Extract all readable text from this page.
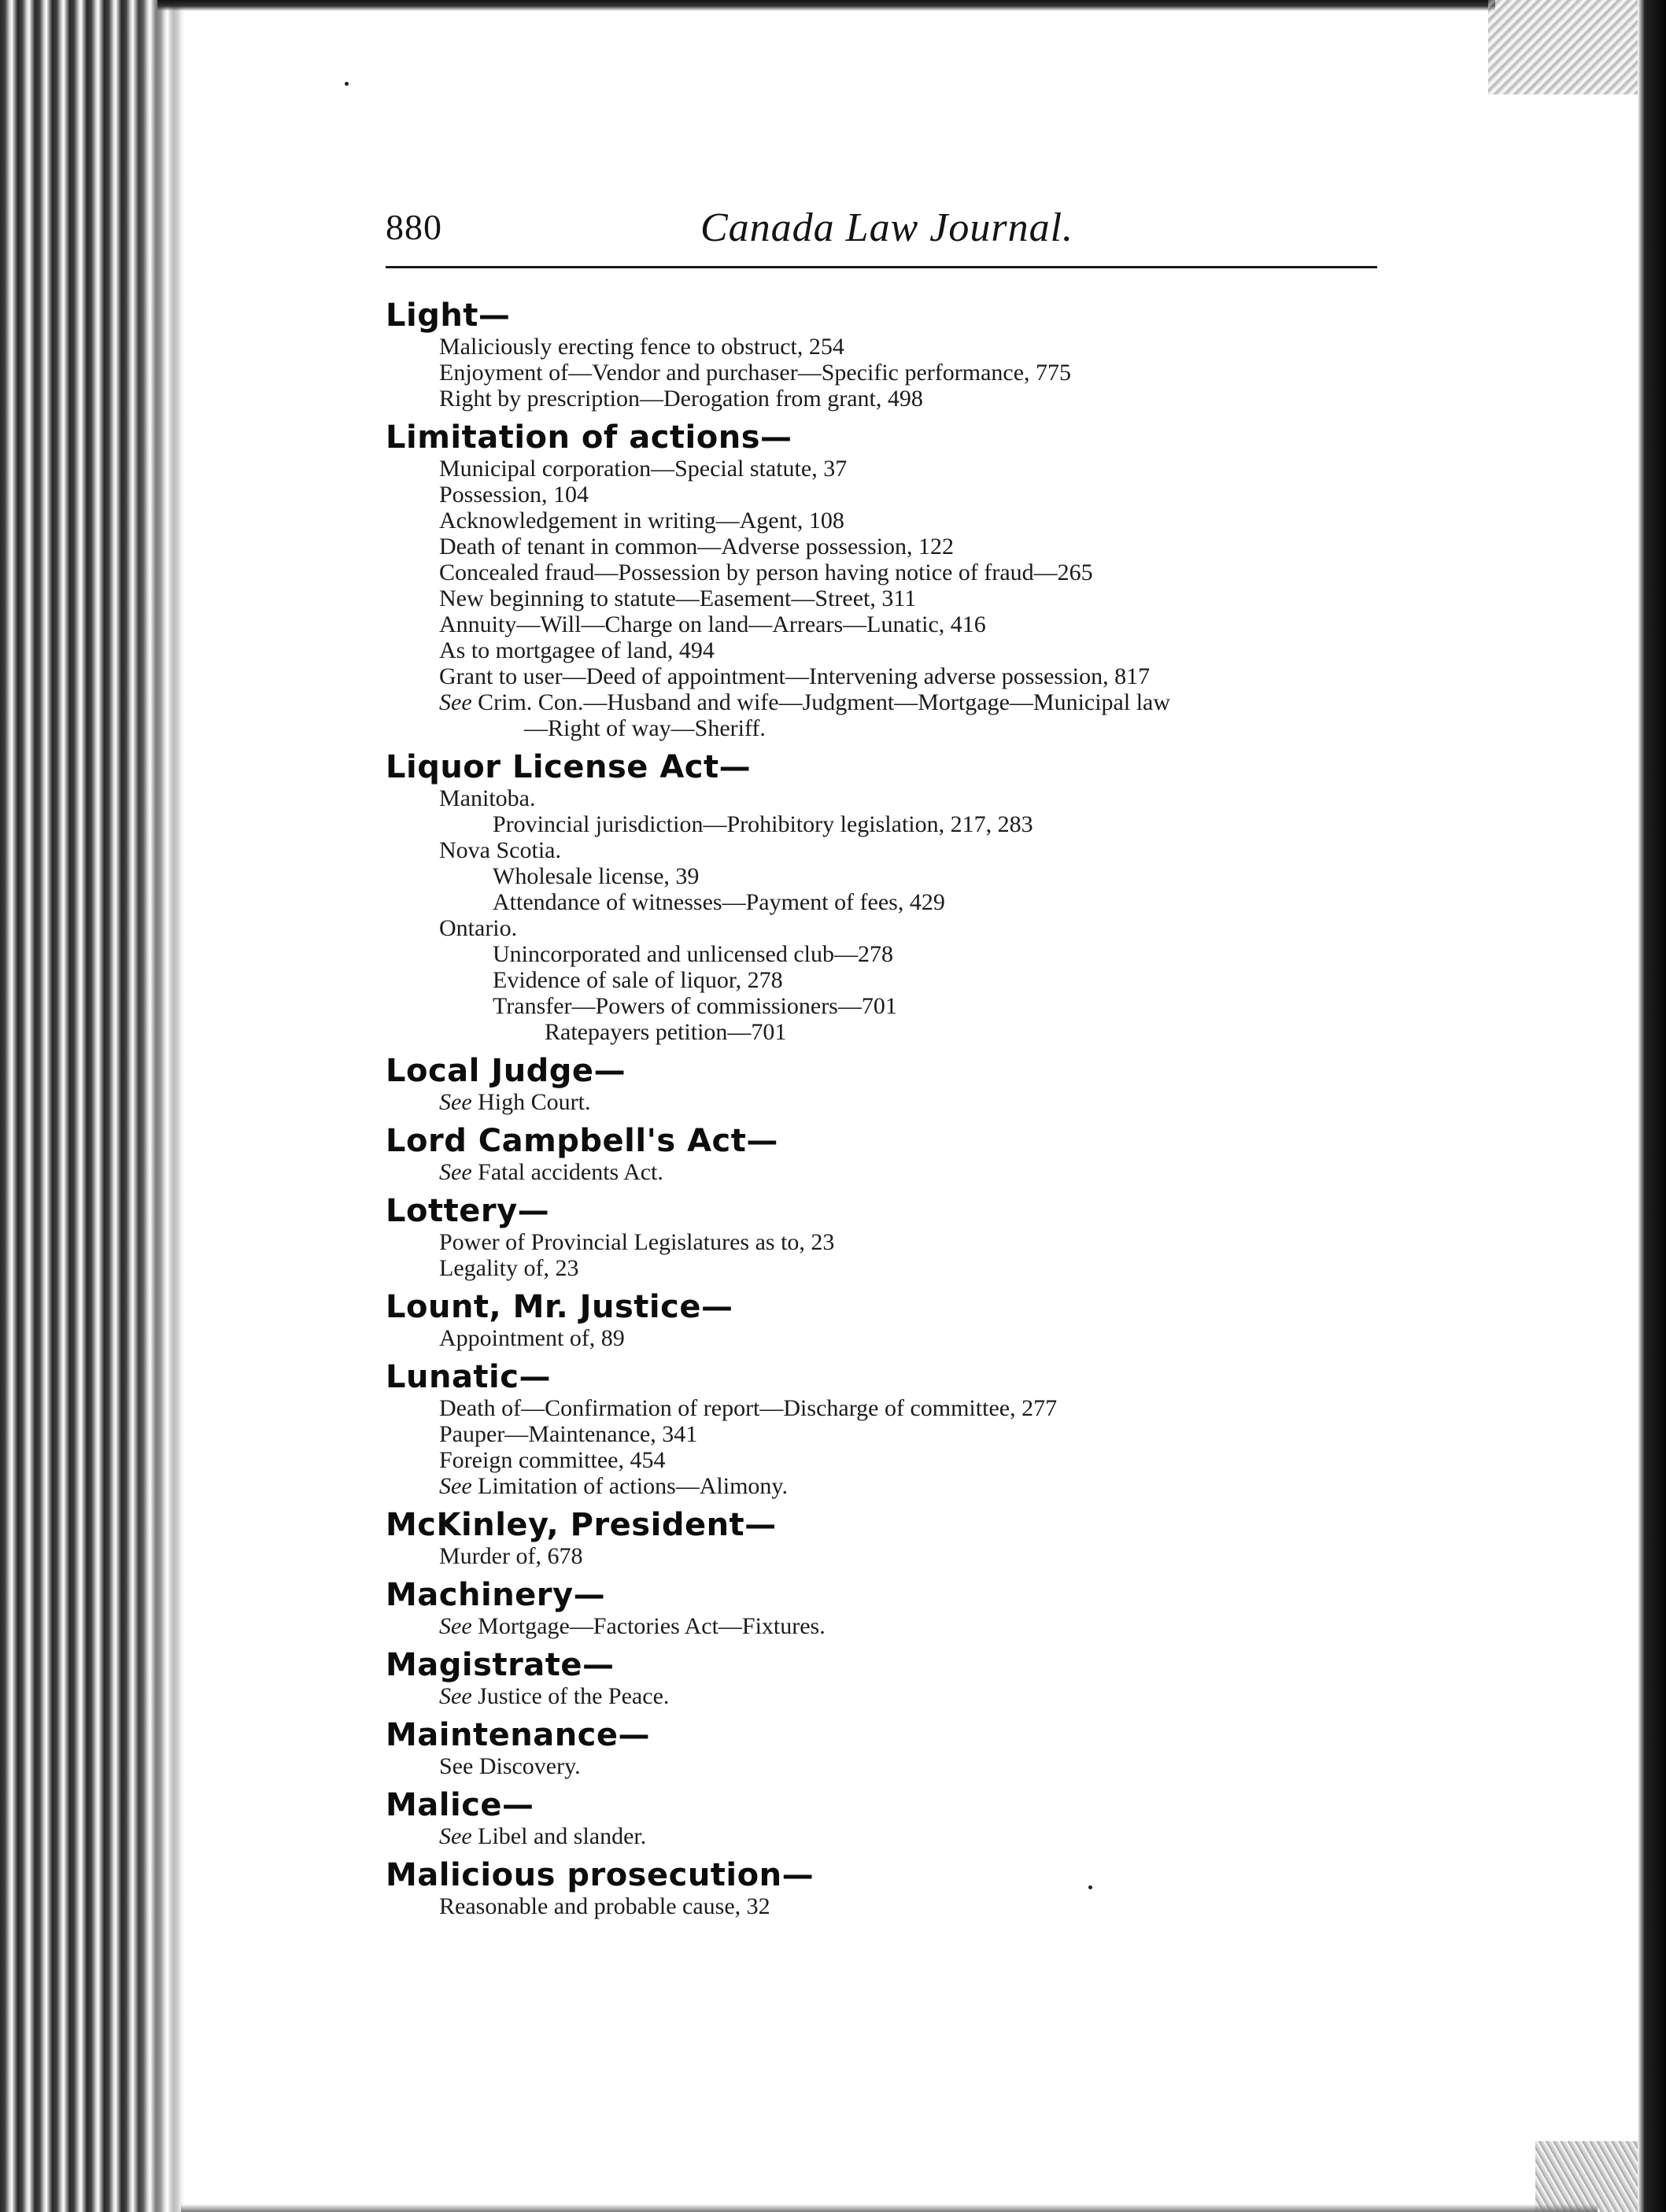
880	Canada Law Journal.
Light—
Maliciously erecting fence to obstruct, 254
Enjoyment of—Vendor and purchaser—Specific performance, 775
Right by prescription—Derogation from grant, 498
Limitation of actions—
Municipal corporation—Special statute, 37
Possession, 104
Acknowledgement in writing—Agent, 108
Death of tenant in common—Adverse possession, 122
Concealed fraud—Possession by person having notice of fraud—265
New beginning to statute—Easement—Street, 311
Annuity—Will—Charge on land—Arrears—Lunatic, 416
As to mortgagee of land, 494
Grant to user—Deed of appointment—Intervening adverse possession, 817
See Crim. Con.—Husband and wife—Judgment—Mortgage—Municipal law
—Right of way—Sheriff.
Liquor License Act—
Manitoba.
Provincial jurisdiction—Prohibitory legislation, 217, 283
Nova Scotia.
Wholesale license, 39
Attendance of witnesses—Payment of fees, 429
Ontario.
Unincorporated and unlicensed club—278
Evidence of sale of liquor, 278
Transfer—Powers of commissioners—701
Ratepayers petition—701
Local Judge—
See High Court.
Lord Campbell's Act—
See Fatal accidents Act.
Lottery—
Power of Provincial Legislatures as to, 23
Legality of, 23
Lount, Mr. Justice—
Appointment of, 89
Lunatic—
Death of—Confirmation of report—Discharge of committee, 277
Pauper—Maintenance, 341
Foreign committee, 454
See Limitation of actions—Alimony.
McKinley, President—
Murder of, 678
Machinery—
See Mortgage—Factories Act—Fixtures.
Magistrate—
See Justice of the Peace.
Maintenance—
See Discovery.
Malice—
See Libel and slander.
Malicious prosecution—
Reasonable and probable cause, 32
